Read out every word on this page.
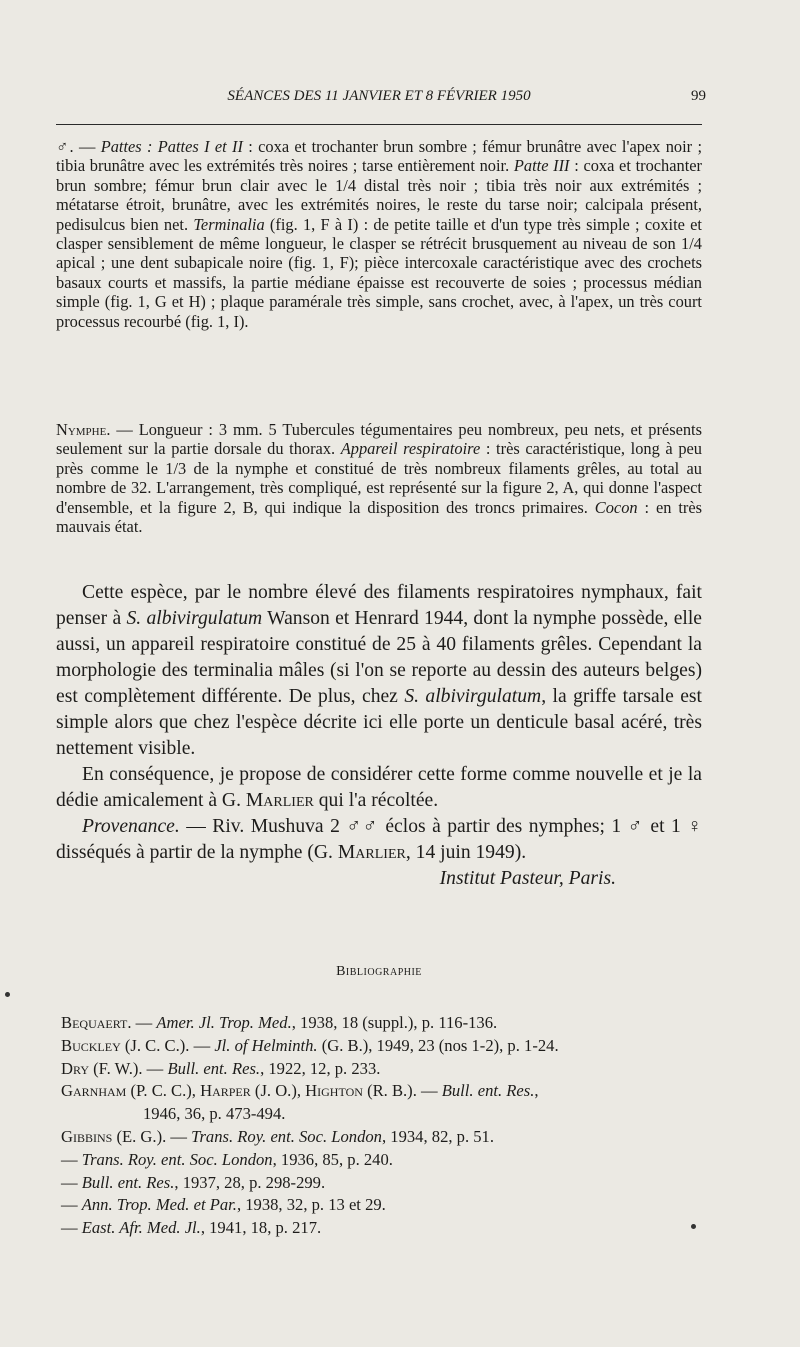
SÉANCES DES 11 JANVIER ET 8 FÉVRIER 1950	99

♂. — Pattes : Pattes I et II : coxa et trochanter brun sombre ; fémur brunâtre avec l'apex noir ; tibia brunâtre avec les extrémités très noires ; tarse entièrement noir. Patte III : coxa et trochanter brun sombre; fémur brun clair avec le 1/4 distal très noir ; tibia très noir aux extrémités ; métatarse étroit, brunâtre, avec les extrémités noires, le reste du tarse noir; calcipala présent, pedisulcus bien net. Terminalia (fig. 1, F à I) : de petite taille et d'un type très simple ; coxite et clasper sensiblement de même longueur, le clasper se rétrécit brusquement au niveau de son 1/4 apical ; une dent subapicale noire (fig. 1, F); pièce intercoxale caractéristique avec des crochets basaux courts et massifs, la partie médiane épaisse est recouverte de soies ; processus médian simple (fig. 1, G et H) ; plaque paramérale très simple, sans crochet, avec, à l'apex, un très court processus recourbé (fig. 1, I).

Nymphe. — Longueur : 3 mm. 5 Tubercules tégumentaires peu nombreux, peu nets, et présents seulement sur la partie dorsale du thorax. Appareil respiratoire : très caractéristique, long à peu près comme le 1/3 de la nymphe et constitué de très nombreux filaments grêles, au total au nombre de 32. L'arrangement, très compliqué, est représenté sur la figure 2, A, qui donne l'aspect d'ensemble, et la figure 2, B, qui indique la disposition des troncs primaires. Cocon : en très mauvais état.

Cette espèce, par le nombre élevé des filaments respiratoires nymphaux, fait penser à S. albivirgulatum Wanson et Henrard 1944, dont la nymphe possède, elle aussi, un appareil respiratoire constitué de 25 à 40 filaments grêles. Cependant la morphologie des terminalia mâles (si l'on se reporte au dessin des auteurs belges) est complètement différente. De plus, chez S. albivirgulatum, la griffe tarsale est simple alors que chez l'espèce décrite ici elle porte un denticule basal acéré, très nettement visible.

En conséquence, je propose de considérer cette forme comme nouvelle et je la dédie amicalement à G. Marlier qui l'a récoltée.

Provenance. — Riv. Mushuva 2 ♂♂ éclos à partir des nymphes; 1 ♂ et 1 ♀ disséqués à partir de la nymphe (G. Marlier, 14 juin 1949).

Institut Pasteur, Paris.

Bibliographie
Bequaert. — Amer. Jl. Trop. Med., 1938, 18 (suppl.), p. 116-136.
Buckley (J. C. C.). — Jl. of Helminth. (G. B.), 1949, 23 (nos 1-2), p. 1-24.
Dry (F. W.). — Bull. ent. Res., 1922, 12, p. 233.
Garnham (P. C. C.), Harper (J. O.), Highton (R. B.). — Bull. ent. Res.,
1946, 36, p. 473-494.
Gibbins (E. G.). — Trans. Roy. ent. Soc. London, 1934, 82, p. 51.
— Trans. Roy. ent. Soc. London, 1936, 85, p. 240.
— Bull. ent. Res., 1937, 28, p. 298-299.
— Ann. Trop. Med. et Par., 1938, 32, p. 13 et 29.
— East. Afr. Med. Jl., 1941, 18, p. 217.
